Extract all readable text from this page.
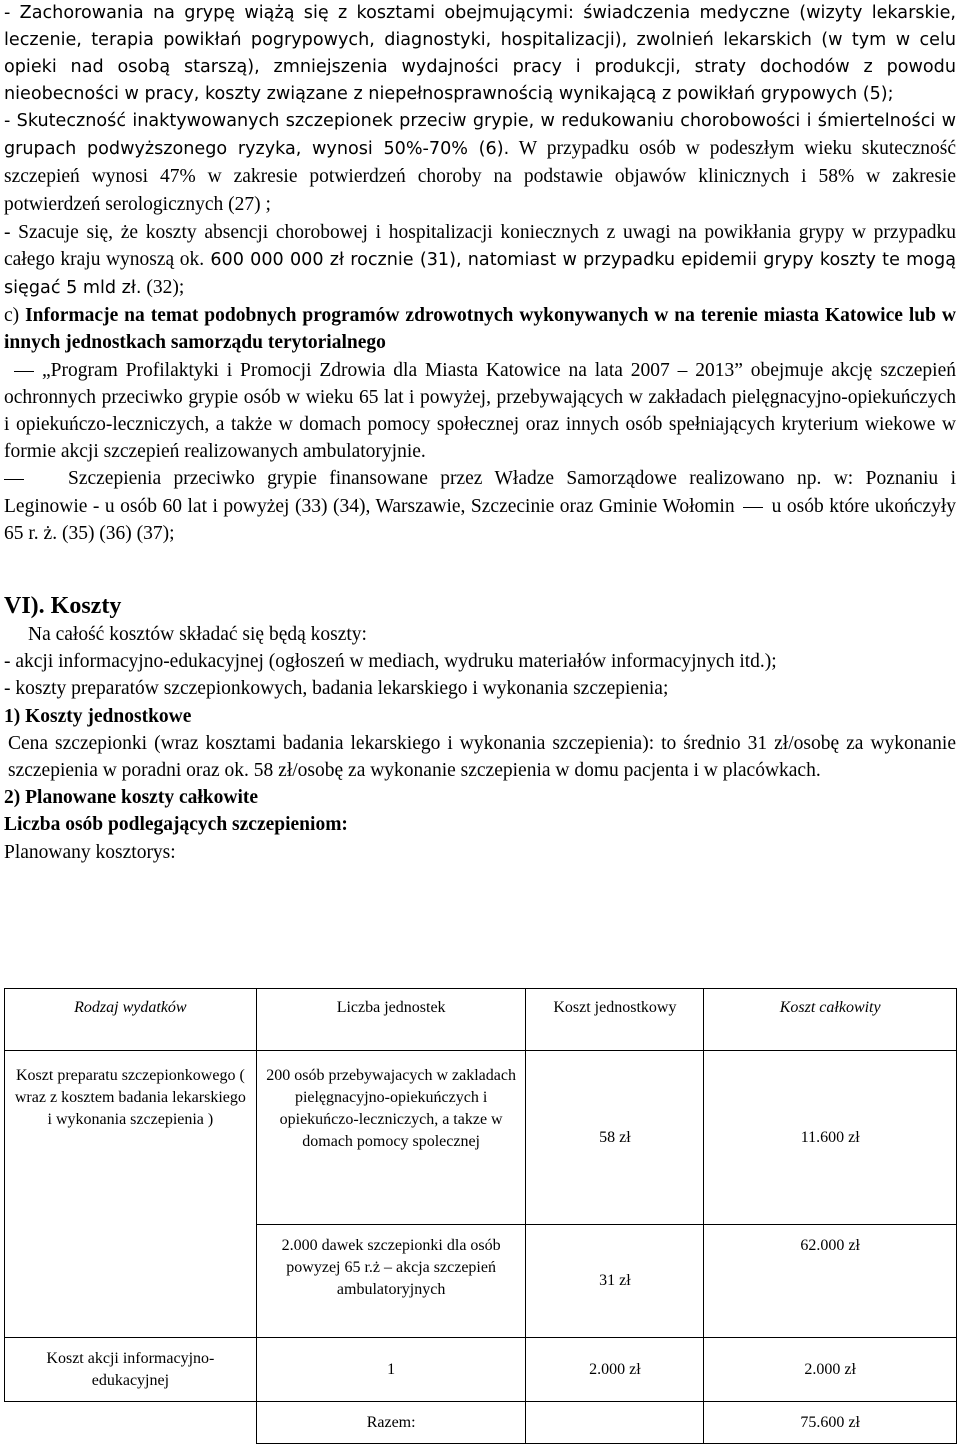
- Zachorowania na grypę wiążą się z kosztami obejmującymi: świadczenia medyczne (wizyty lekarskie, leczenie, terapia powikłań pogrypowych, diagnostyki, hospitalizacji), zwolnień lekarskich (w tym w celu opieki nad osobą starszą), zmniejszenia wydajności pracy i produkcji, straty dochodów z powodu nieobecności w pracy, koszty związane z niepełnosprawnością wynikającą z powikłań grypowych (5);

- Skuteczność inaktywowanych szczepionek przeciw grypie, w redukowaniu chorobowości i śmiertelności w grupach podwyższonego ryzyka, wynosi 50%-70% (6). W przypadku osób w podeszłym wieku skuteczność szczepień wynosi 47% w zakresie potwierdzeń choroby na podstawie objawów klinicznych i 58% w zakresie potwierdzeń serologicznych (27) ;

- Szacuje się, że koszty absencji chorobowej i hospitalizacji koniecznych z uwagi na powikłania grypy w przypadku całego kraju wynoszą ok. 600 000 000 zł rocznie (31), natomiast w przypadku epidemii grypy koszty te mogą sięgać 5 mld zł. (32);

c) Informacje na temat podobnych programów zdrowotnych wykonywanych w na terenie miasta Katowice lub w innych jednostkach samorządu terytorialnego

„Program Profilaktyki i Promocji Zdrowia dla Miasta Katowice na lata 2007 – 2013” obejmuje akcję szczepień ochronnych przeciwko grypie osób w wieku 65 lat i powyżej, przebywających w zakładach pielęgnacyjno-opiekuńczych i opiekuńczo-leczniczych, a także w domach pomocy społecznej oraz innych osób spełniających kryterium wiekowe w formie akcji szczepień realizowanych ambulatoryjnie.

Szczepienia przeciwko grypie finansowane przez Władze Samorządowe realizowano np. w: Poznaniu i Leginowie - u osób 60 lat i powyżej (33) (34), Warszawie, Szczecinie oraz Gminie Wołomin u osób które ukończyły 65 r. ż. (35) (36) (37);

VI). Koszty

Na całość kosztów składać się będą koszty:

- akcji informacyjno-edukacyjnej (ogłoszeń w mediach, wydruku materiałów informacyjnych itd.);

- koszty preparatów szczepionkowych, badania lekarskiego i wykonania szczepienia;

1) Koszty jednostkowe

Cena szczepionki (wraz kosztami badania lekarskiego i wykonania szczepienia): to średnio 31 zł/osobę za wykonanie szczepienia w poradni oraz ok. 58 zł/osobę za wykonanie szczepienia w domu pacjenta i w placówkach.

2) Planowane koszty całkowite

Liczba osób podlegających szczepieniom:

Planowany kosztorys:

Rodzaj wydatków	Liczba jednostek	Koszt jednostkowy	Koszt całkowity
Koszt preparatu szczepionkowego ( wraz z kosztem badania lekarskiego i wykonania szczepienia )	200 osób przebywajacych w zakladach pielęgnacyjno-opiekuńczych i opiekuńczo-leczniczych, a takze w domach pomocy spolecznej	58 zł	11.600 zł
	2.000 dawek szczepionki dla osób powyzej 65 r.ż – akcja szczepień ambulatoryjnych	31 zł	62.000 zł
Koszt akcji informacyjno-edukacyjnej	1	2.000 zł	2.000 zł
	Razem:		75.600 zł
